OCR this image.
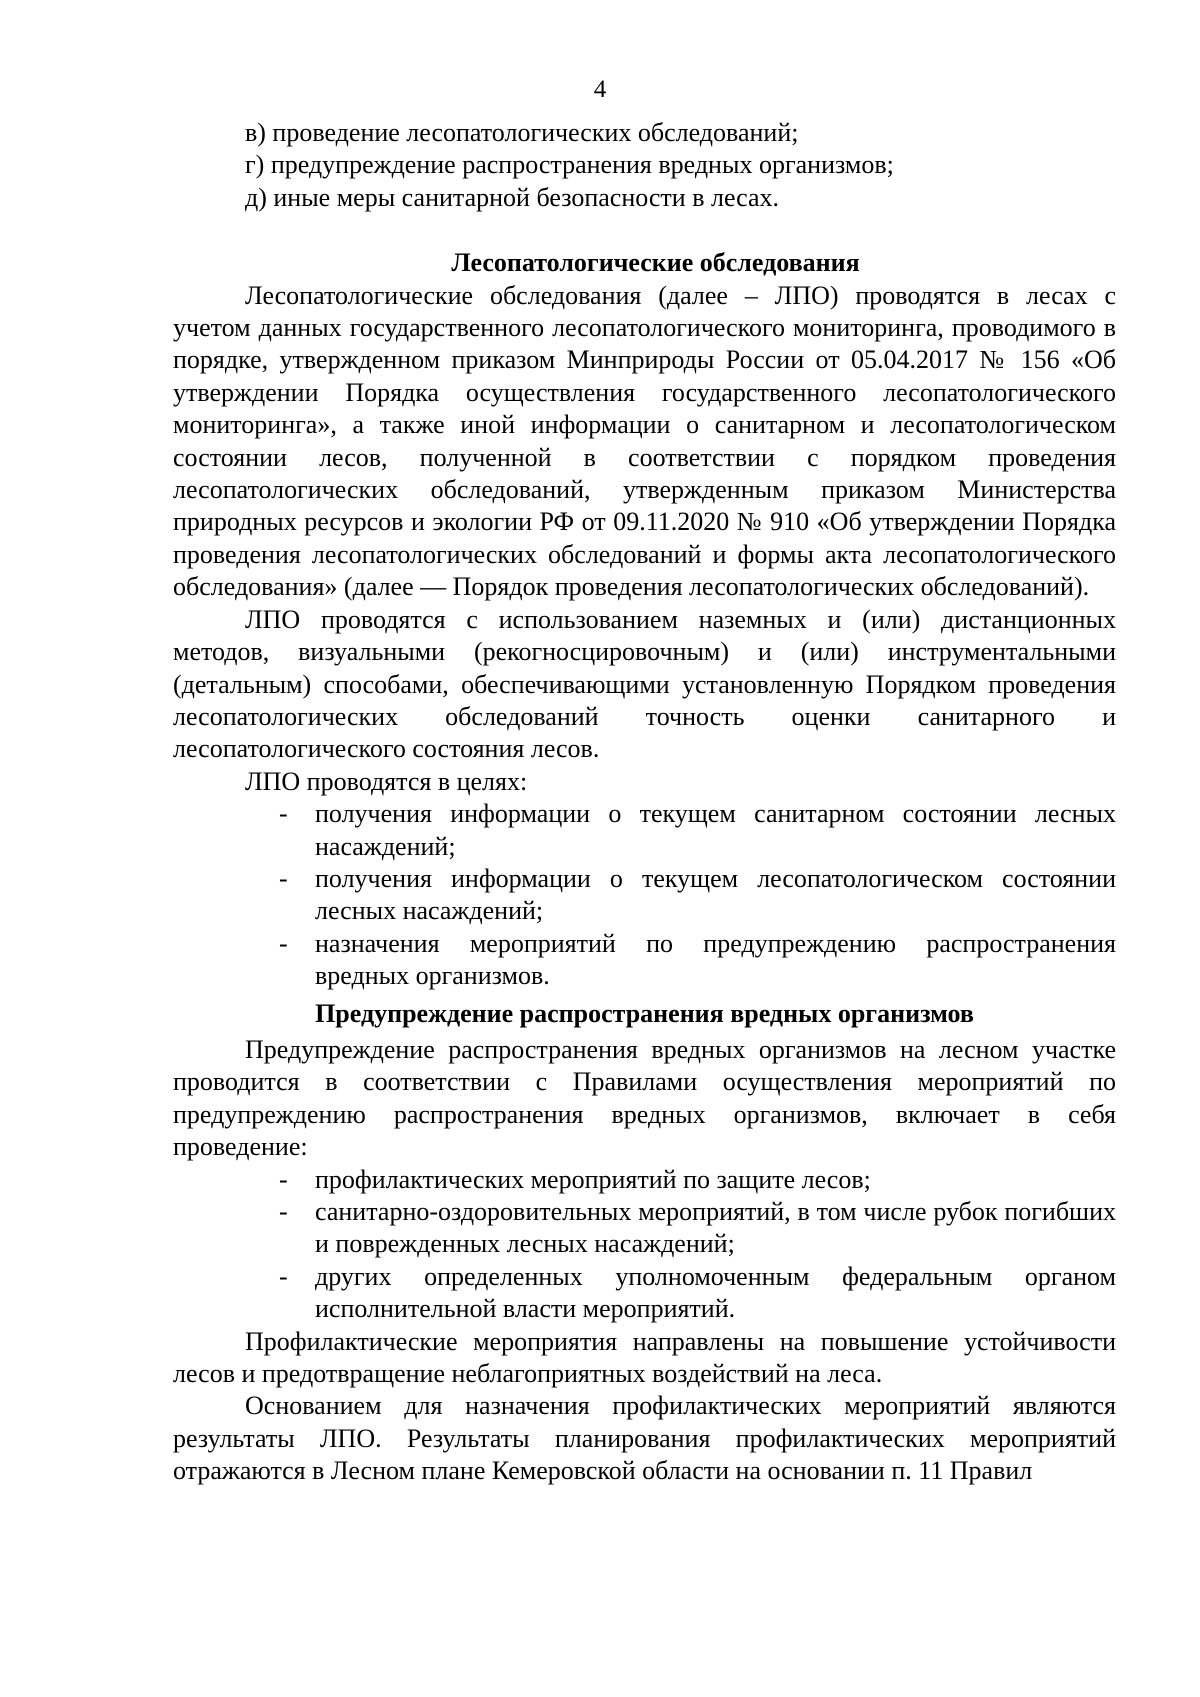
4

в) проведение лесопатологических обследований;

г) предупреждение распространения вредных организмов;

д) иные меры санитарной безопасности в лесах.

Лесопатологические обследования

Лесопатологические обследования (далее – ЛПО) проводятся в лесах с учетом данных государственного лесопатологического мониторинга, проводимого в порядке, утвержденном приказом Минприроды России от 05.04.2017 № 156 «Об утверждении Порядка осуществления государственного лесопатологического мониторинга», а также иной информации о санитарном и лесопатологическом состоянии лесов, полученной в соответствии с порядком проведения лесопатологических обследований, утвержденным приказом Министерства природных ресурсов и экологии РФ от 09.11.2020 № 910 «Об утверждении Порядка проведения лесопатологических обследований и формы акта лесопатологического обследования» (далее — Порядок проведения лесопатологических обследований).

ЛПО проводятся с использованием наземных и (или) дистанционных методов, визуальными (рекогносцировочным) и (или) инструментальными (детальным) способами, обеспечивающими установленную Порядком проведения лесопатологических обследований точность оценки санитарного и лесопатологического состояния лесов.

ЛПО проводятся в целях:

- получения информации о текущем санитарном состоянии лесных насаждений;
- получения информации о текущем лесопатологическом состоянии лесных насаждений;
- назначения мероприятий по предупреждению распространения вредных организмов.
Предупреждение распространения вредных организмов

Предупреждение распространения вредных организмов на лесном участке проводится в соответствии с Правилами осуществления мероприятий по предупреждению распространения вредных организмов, включает в себя проведение:

- профилактических мероприятий по защите лесов;
- санитарно-оздоровительных мероприятий, в том числе рубок погибших и поврежденных лесных насаждений;
- других определенных уполномоченным федеральным органом исполнительной власти мероприятий.

Профилактические мероприятия направлены на повышение устойчивости лесов и предотвращение неблагоприятных воздействий на леса.

Основанием для назначения профилактических мероприятий являются результаты ЛПО. Результаты планирования профилактических мероприятий отражаются в Лесном плане Кемеровской области на основании п. 11 Правил
